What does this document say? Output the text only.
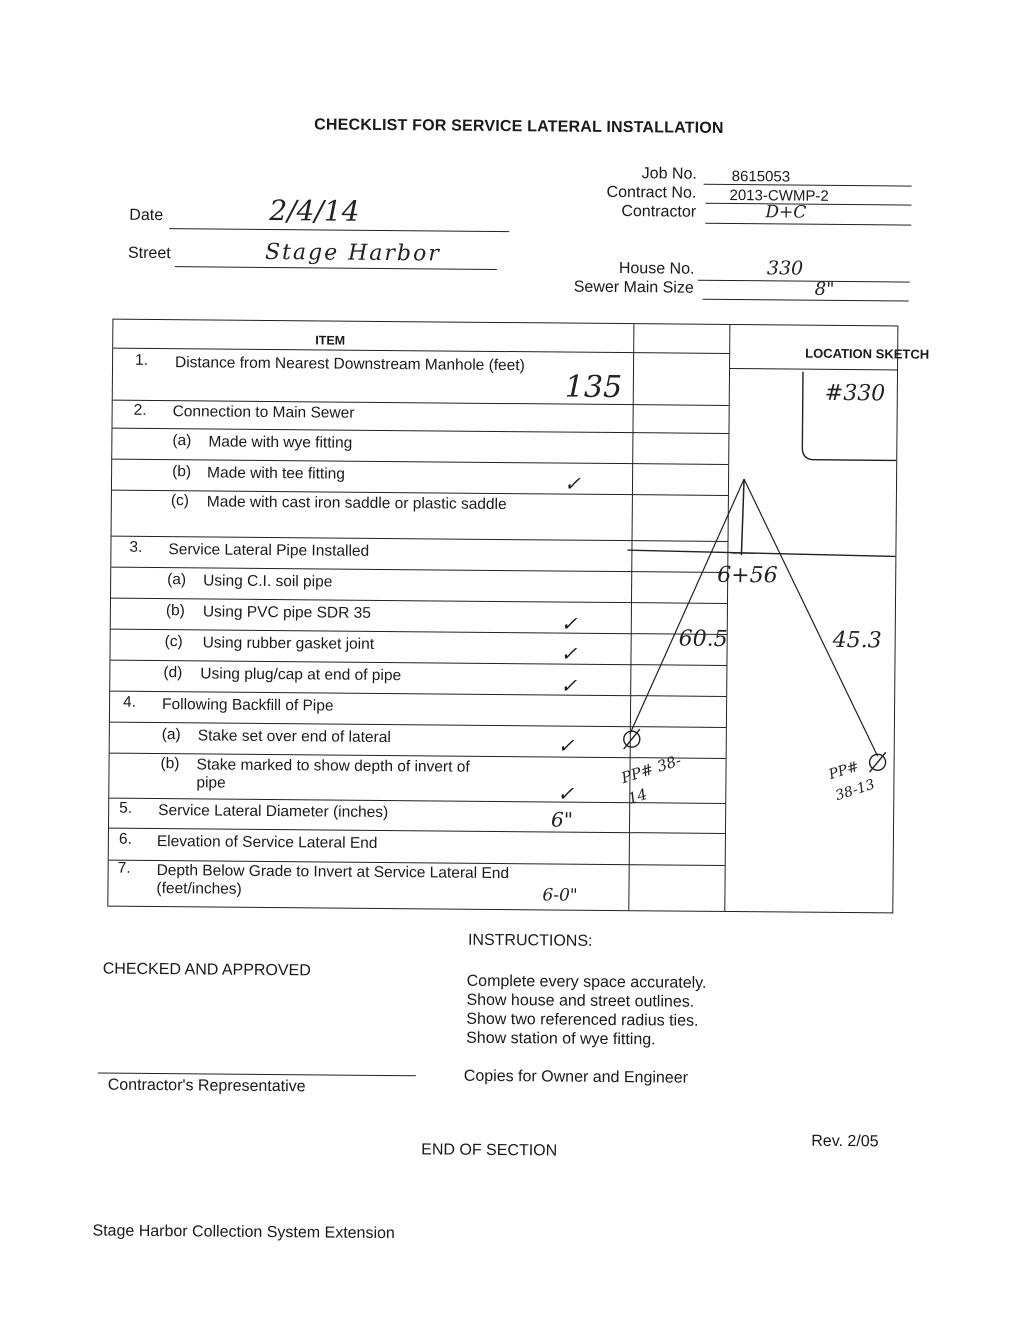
CHECKLIST FOR SERVICE LATERAL INSTALLATION
Job No. 8615053
Contract No. 2013-CWMP-2
Contractor	D+C
Date	2/4/14
Street	Stage Harbor
House No.	330
Sewer Main Size	8"
ITEM
LOCATION SKETCH
1. Distance from Nearest Downstream Manhole (feet)
135
2. Connection to Main Sewer
(a) Made with wye fitting
(b) Made with tee fitting	✓
(c) Made with cast iron saddle or plastic saddle
3. Service Lateral Pipe Installed
(a) Using C.I. soil pipe
(b) Using PVC pipe SDR 35	✓
(c) Using rubber gasket joint	✓
(d) Using plug/cap at end of pipe	✓
4. Following Backfill of Pipe
(a) Stake set over end of lateral	✓
(b) Stake marked to show depth of invert of pipe	✓
5. Service Lateral Diameter (inches)	6"
6. Elevation of Service Lateral End
7. Depth Below Grade to Invert at Service Lateral End (feet/inches)	6-0"
#330
6+56
60.5	45.3
PP# 38-14
PP# 38-13
INSTRUCTIONS:
CHECKED AND APPROVED
Complete every space accurately.
Show house and street outlines.
Show two referenced radius ties.
Show station of wye fitting.
Copies for Owner and Engineer
Contractor's Representative
Rev. 2/05
END OF SECTION
Stage Harbor Collection System Extension
